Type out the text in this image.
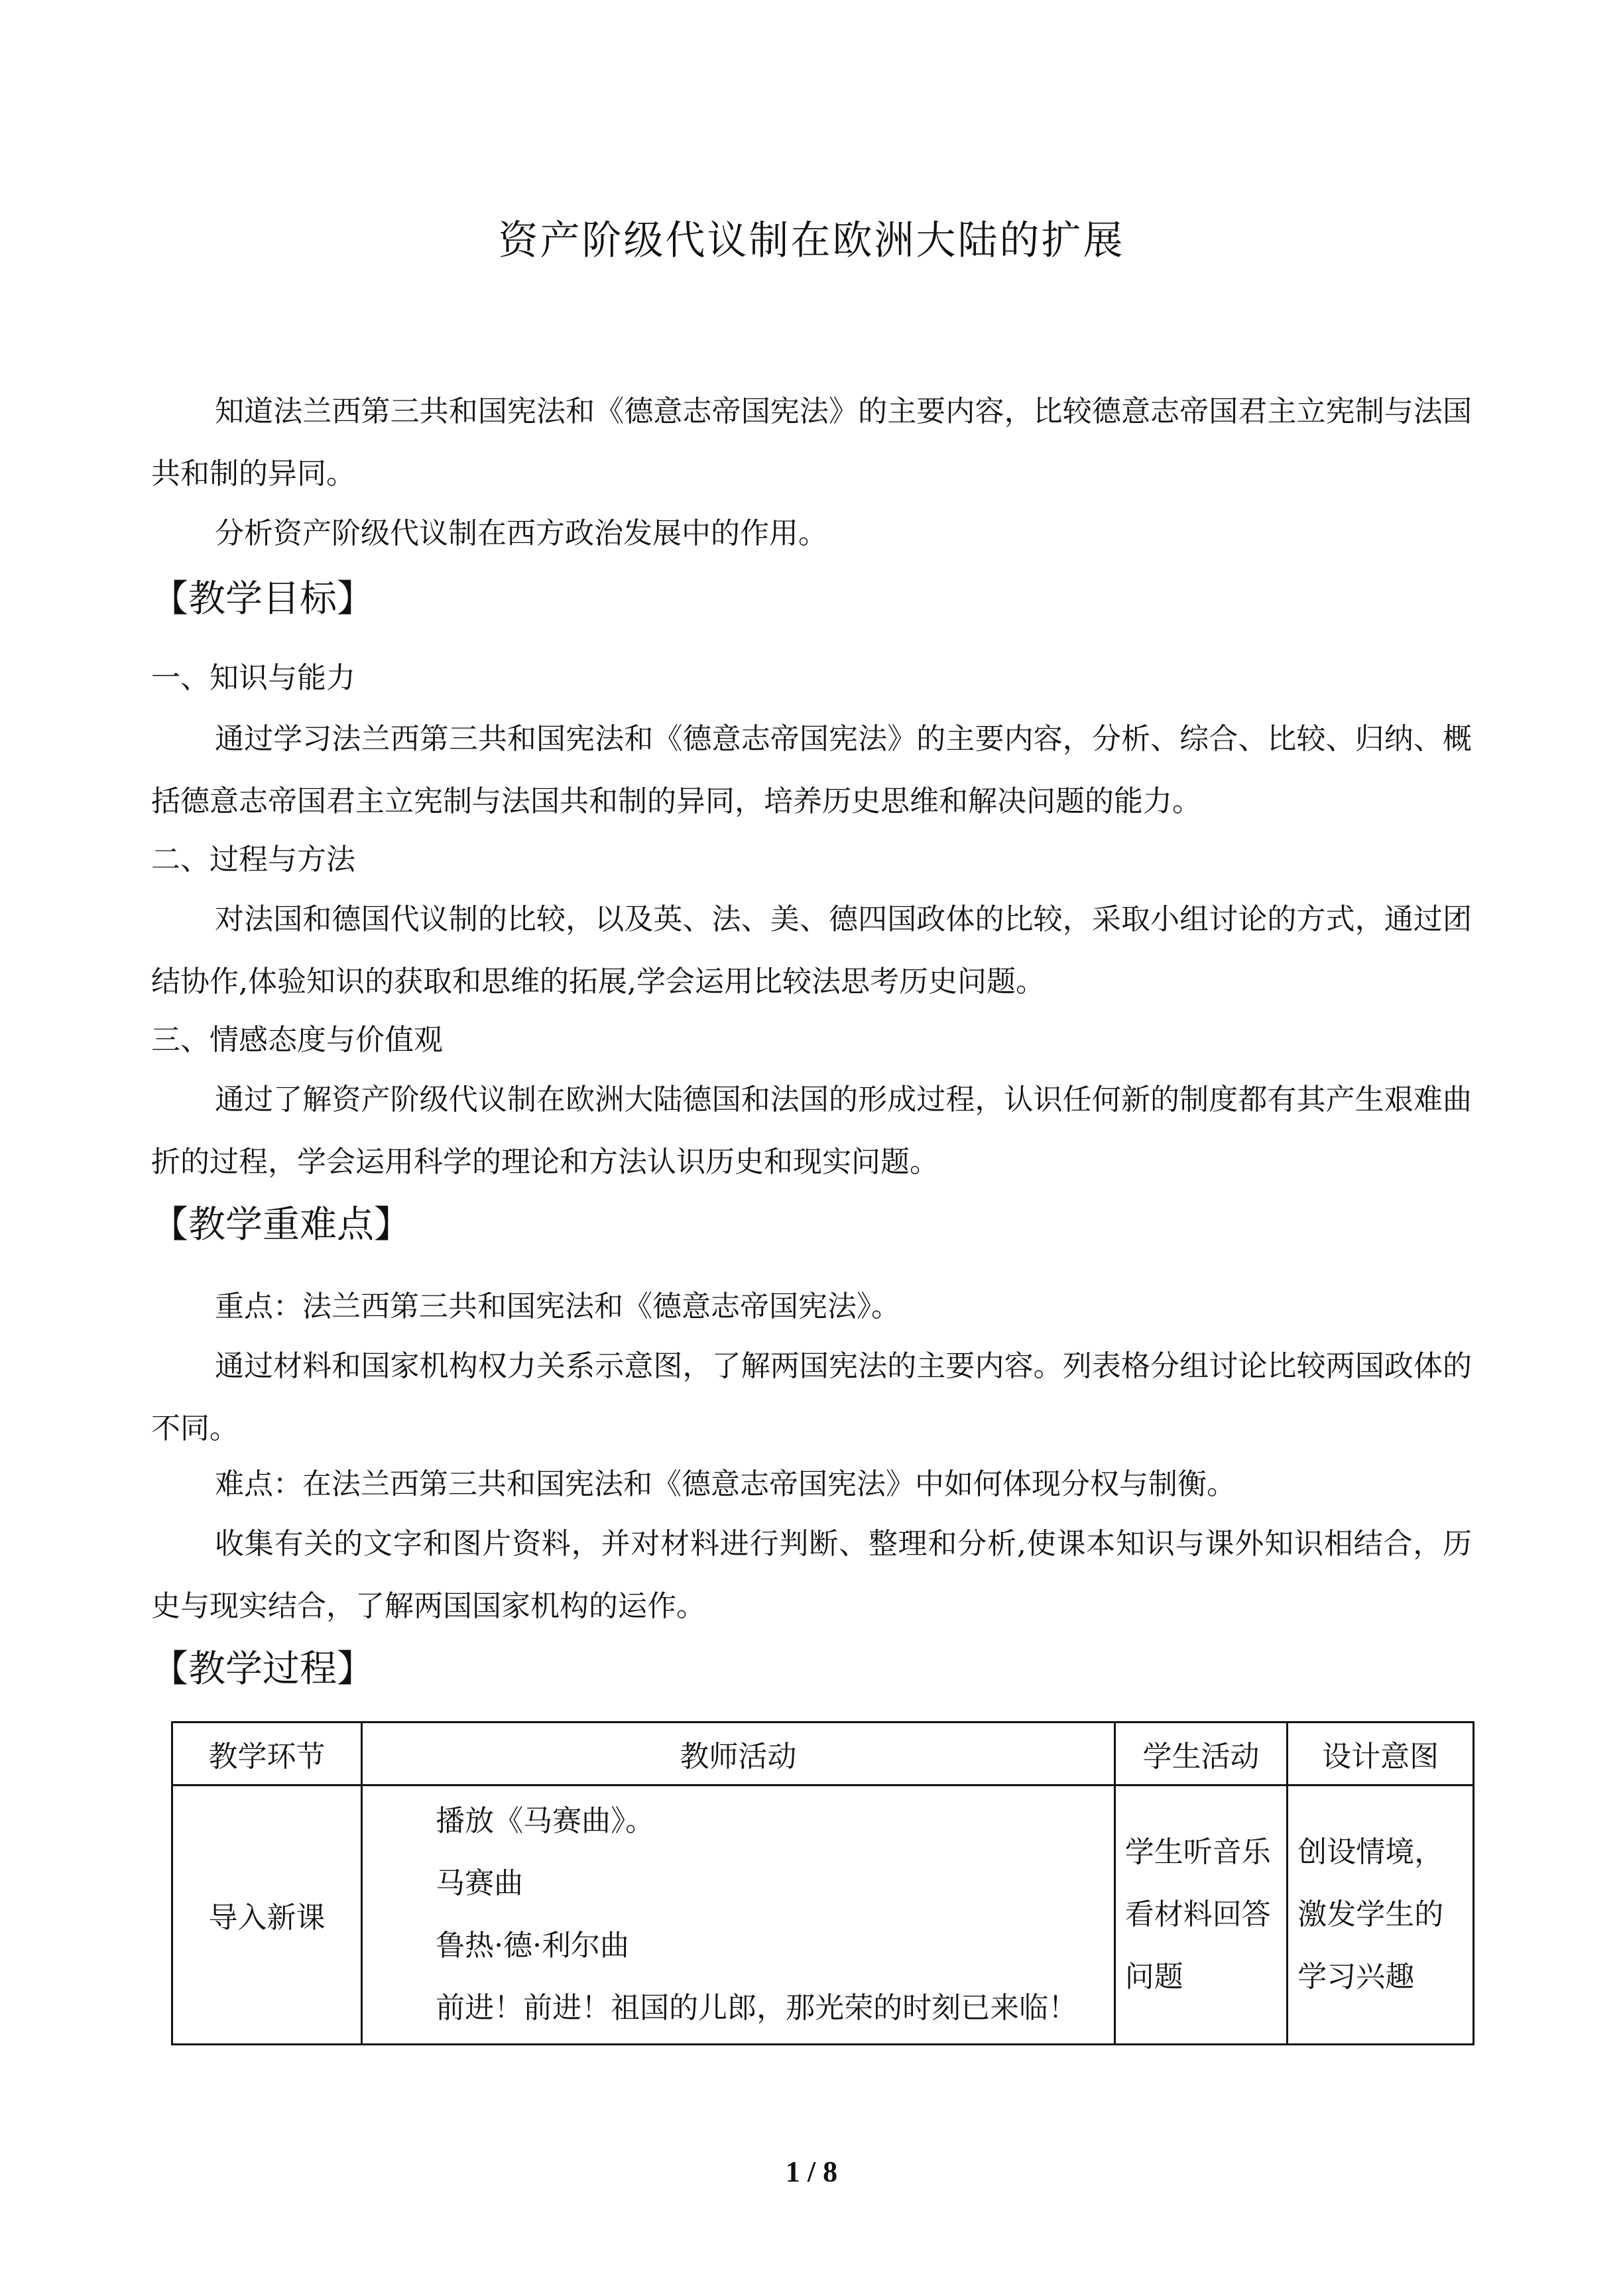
资产阶级代议制在欧洲大陆的扩展

知道法兰西第三共和国宪法和《德意志帝国宪法》的主要内容，比较德意志帝国君主立宪制与法国共和制的异同。

分析资产阶级代议制在西方政治发展中的作用。

【教学目标】
一、知识与能力

通过学习法兰西第三共和国宪法和《德意志帝国宪法》的主要内容，分析、综合、比较、归纳、概括德意志帝国君主立宪制与法国共和制的异同，培养历史思维和解决问题的能力。

二、过程与方法

对法国和德国代议制的比较，以及英、法、美、德四国政体的比较，采取小组讨论的方式，通过团结协作,体验知识的获取和思维的拓展,学会运用比较法思考历史问题。

三、情感态度与价值观

通过了解资产阶级代议制在欧洲大陆德国和法国的形成过程，认识任何新的制度都有其产生艰难曲折的过程，学会运用科学的理论和方法认识历史和现实问题。

【教学重难点】

重点：法兰西第三共和国宪法和《德意志帝国宪法》。

通过材料和国家机构权力关系示意图，了解两国宪法的主要内容。列表格分组讨论比较两国政体的不同。

难点：在法兰西第三共和国宪法和《德意志帝国宪法》中如何体现分权与制衡。

收集有关的文字和图片资料，并对材料进行判断、整理和分析,使课本知识与课外知识相结合，历史与现实结合，了解两国国家机构的运作。

【教学过程】
教学环节	教师活动	学生活动	设计意图
导入新课	播放《马赛曲》。

马赛曲

鲁热·德·利尔曲

前进！前进！祖国的儿郎，那光荣的时刻已来临！	学生听音乐看材料回答问题	创设情境，激发学生的学习兴趣
1 / 8
